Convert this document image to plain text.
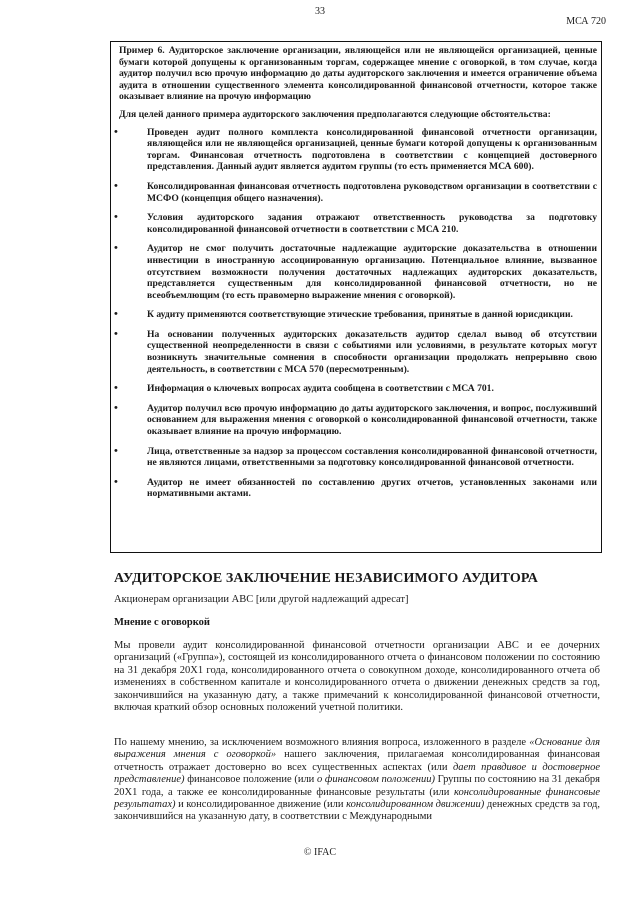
33
МСА 720

Пример 6. Аудиторское заключение организации, являющейся или не являющейся организацией, ценные бумаги которой допущены к организованным торгам, содержащее мнение с оговоркой, в том случае, когда аудитор получил всю прочую информацию до даты аудиторского заключения и имеется ограничение объема аудита в отношении существенного элемента консолидированной финансовой отчетности, которое также оказывает влияние на прочую информацию

Для целей данного примера аудиторского заключения предполагаются следующие обстоятельства:

• Проведен аудит полного комплекта консолидированной финансовой отчетности организации, являющейся или не являющейся организацией, ценные бумаги которой допущены к организованным торгам. Финансовая отчетность подготовлена в соответствии с концепцией достоверного представления. Данный аудит является аудитом группы (то есть применяется МСА 600).
• Консолидированная финансовая отчетность подготовлена руководством организации в соответствии с МСФО (концепция общего назначения).
• Условия аудиторского задания отражают ответственность руководства за подготовку консолидированной финансовой отчетности в соответствии с МСА 210.
• Аудитор не смог получить достаточные надлежащие аудиторские доказательства в отношении инвестиции в иностранную ассоциированную организацию. Потенциальное влияние, вызванное отсутствием возможности получения достаточных надлежащих аудиторских доказательств, представляется существенным для консолидированной финансовой отчетности, но не всеобъемлющим (то есть правомерно выражение мнения с оговоркой).
• К аудиту применяются соответствующие этические требования, принятые в данной юрисдикции.
• На основании полученных аудиторских доказательств аудитор сделал вывод об отсутствии существенной неопределенности в связи с событиями или условиями, в результате которых могут возникнуть значительные сомнения в способности организации продолжать непрерывно свою деятельность, в соответствии с МСА 570 (пересмотренным).
• Информация о ключевых вопросах аудита сообщена в соответствии с МСА 701.
• Аудитор получил всю прочую информацию до даты аудиторского заключения, и вопрос, послуживший основанием для выражения мнения с оговоркой о консолидированной финансовой отчетности, также оказывает влияние на прочую информацию.
• Лица, ответственные за надзор за процессом составления консолидированной финансовой отчетности, не являются лицами, ответственными за подготовку консолидированной финансовой отчетности.
• Аудитор не имеет обязанностей по составлению других отчетов, установленных законами или нормативными актами.
АУДИТОРСКОЕ ЗАКЛЮЧЕНИЕ НЕЗАВИСИМОГО АУДИТОРА

Акционерам организации АВС [или другой надлежащий адресат]

Мнение с оговоркой

Мы провели аудит консолидированной финансовой отчетности организации АВС и ее дочерних организаций («Группа»), состоящей из консолидированного отчета о финансовом положении по состоянию на 31 декабря 20Х1 года, консолидированного отчета о совокупном доходе, консолидированного отчета об изменениях в собственном капитале и консолидированного отчета о движении денежных средств за год, закончившийся на указанную дату, а также примечаний к консолидированной финансовой отчетности, включая краткий обзор основных положений учетной политики.

По нашему мнению, за исключением возможного влияния вопроса, изложенного в разделе «Основание для выражения мнения с оговоркой» нашего заключения, прилагаемая консолидированная финансовая отчетность отражает достоверно во всех существенных аспектах (или дает правдивое и достоверное представление) финансовое положение (или о финансовом положении) Группы по состоянию на 31 декабря 20Х1 года, а также ее консолидированные финансовые результаты (или консолидированные финансовые результатах) и консолидированное движение (или консолидированном движении) денежных средств за год, закончившийся на указанную дату, в соответствии с Международными

© IFAC
